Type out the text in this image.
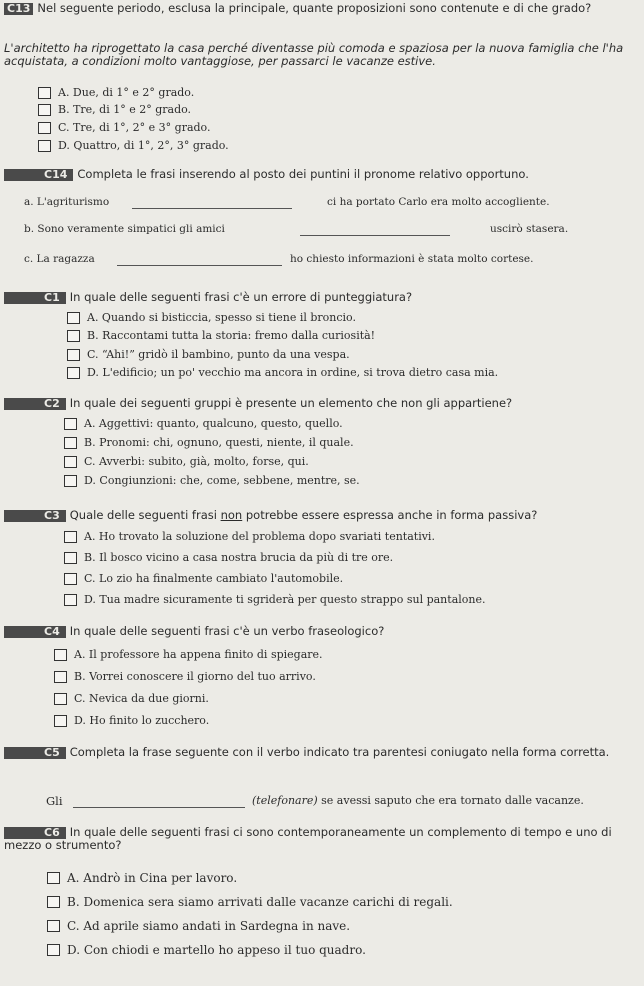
C13 Nel seguente periodo, esclusa la principale, quante proposizioni sono contenute e di che grado?
L'architetto ha riprogettato la casa perché diventasse più comoda e spaziosa per la nuova famiglia che l'ha acquistata, a condizioni molto vantaggiose, per passarci le vacanze estive.
A. Due, di 1° e 2° grado.
B. Tre, di 1° e 2° grado.
C. Tre, di 1°, 2° e 3° grado.
D. Quattro, di 1°, 2°, 3° grado.
C14 Completa le frasi inserendo al posto dei puntini il pronome relativo opportuno.
a. L'agriturismo	ci ha portato Carlo era molto accogliente.
b. Sono veramente simpatici gli amici	uscirò stasera.
c. La ragazza	ho chiesto informazioni è stata molto cortese.
C1 In quale delle seguenti frasi c'è un errore di punteggiatura?
A. Quando si bisticcia, spesso si tiene il broncio.
B. Raccontami tutta la storia: fremo dalla curiosità!
C. “Ahi!” gridò il bambino, punto da una vespa.
D. L'edificio; un po' vecchio ma ancora in ordine, si trova dietro casa mia.
C2 In quale dei seguenti gruppi è presente un elemento che non gli appartiene?
A. Aggettivi: quanto, qualcuno, questo, quello.
B. Pronomi: chi, ognuno, questi, niente, il quale.
C. Avverbi: subito, già, molto, forse, qui.
D. Congiunzioni: che, come, sebbene, mentre, se.
C3 Quale delle seguenti frasi non potrebbe essere espressa anche in forma passiva?
A. Ho trovato la soluzione del problema dopo svariati tentativi.
B. Il bosco vicino a casa nostra brucia da più di tre ore.
C. Lo zio ha finalmente cambiato l'automobile.
D. Tua madre sicuramente ti sgriderà per questo strappo sul pantalone.
C4 In quale delle seguenti frasi c'è un verbo fraseologico?
A. Il professore ha appena finito di spiegare.
B. Vorrei conoscere il giorno del tuo arrivo.
C. Nevica da due giorni.
D. Ho finito lo zucchero.
C5 Completa la frase seguente con il verbo indicato tra parentesi coniugato nella forma corretta.
Gli	(telefonare) se avessi saputo che era tornato dalle vacanze.
C6 In quale delle seguenti frasi ci sono contemporaneamente un complemento di tempo e uno di mezzo o strumento?
A. Andrò in Cina per lavoro.
B. Domenica sera siamo arrivati dalle vacanze carichi di regali.
C. Ad aprile siamo andati in Sardegna in nave.
D. Con chiodi e martello ho appeso il tuo quadro.
